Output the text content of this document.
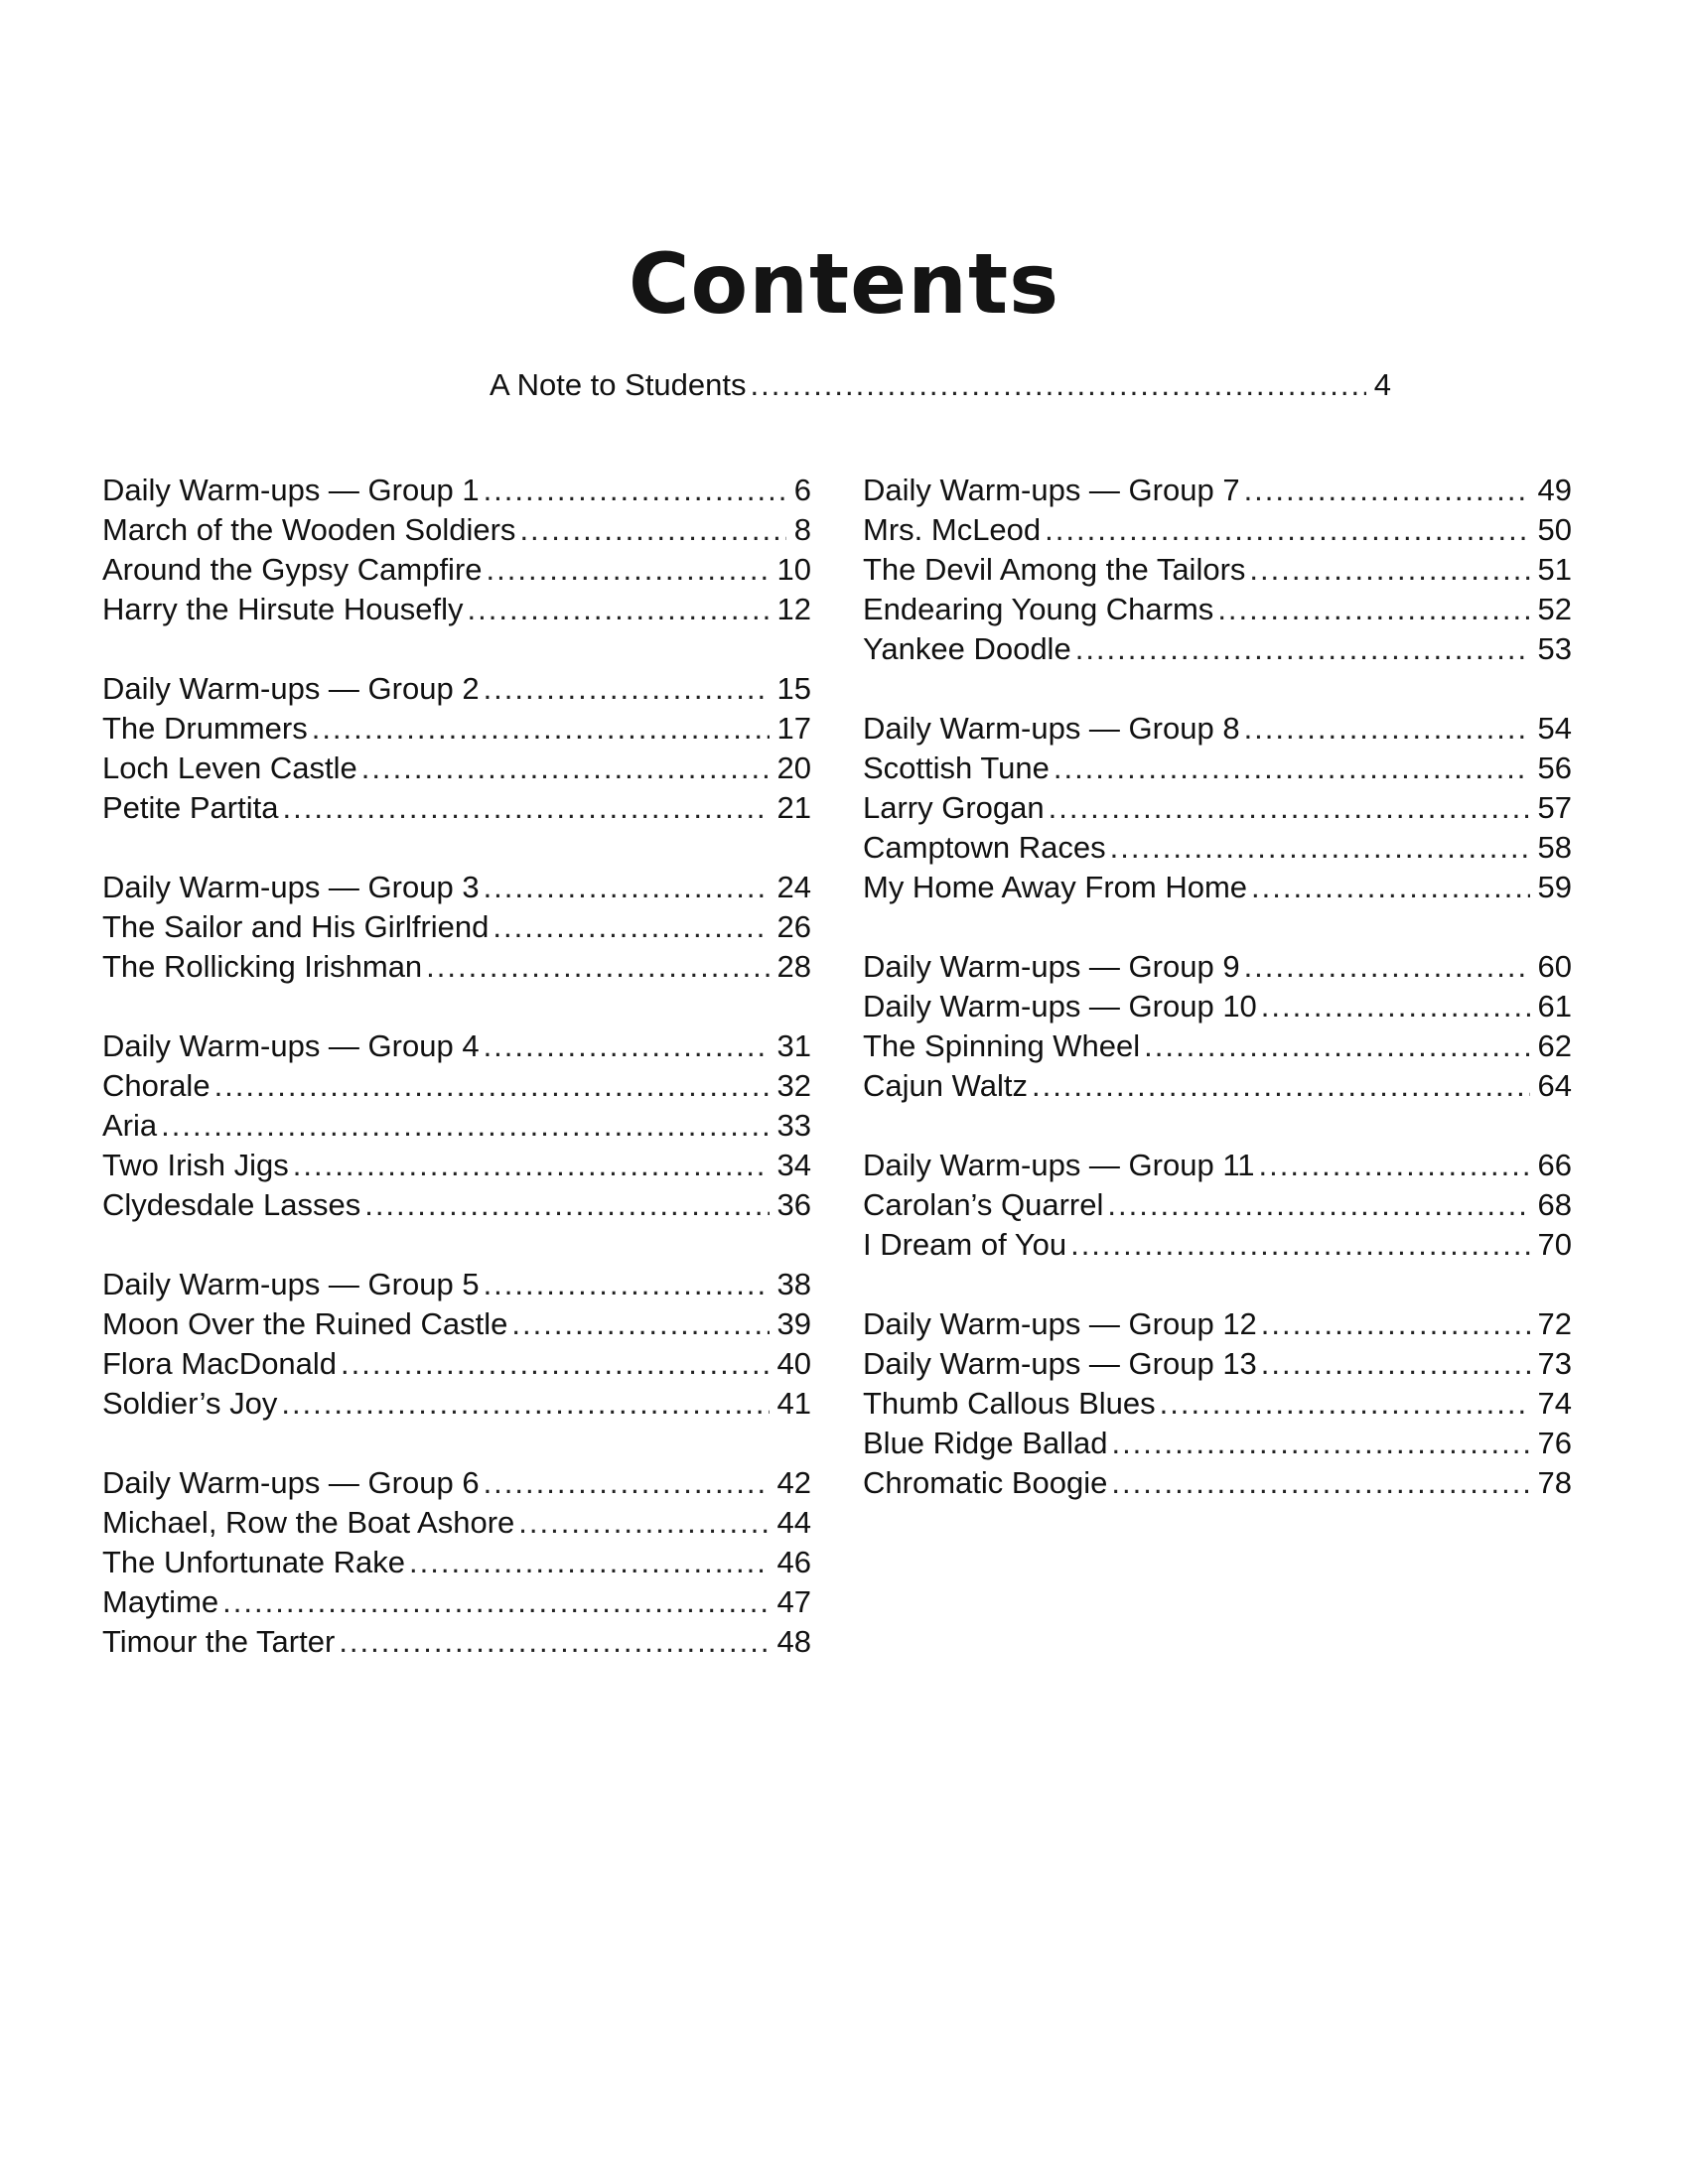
Contents
A Note to Students .....	4
Daily Warm-ups — Group 1 .....	6
March of the Wooden Soldiers .....	8
Around the Gypsy Campfire .....	10
Harry the Hirsute Housefly .....	12
Daily Warm-ups — Group 2 .....	15
The Drummers .....	17
Loch Leven Castle .....	20
Petite Partita .....	21
Daily Warm-ups — Group 3 .....	24
The Sailor and His Girlfriend .....	26
The Rollicking Irishman .....	28
Daily Warm-ups — Group 4 .....	31
Chorale .....	32
Aria .....	33
Two Irish Jigs .....	34
Clydesdale Lasses .....	36
Daily Warm-ups — Group 5 .....	38
Moon Over the Ruined Castle .....	39
Flora MacDonald .....	40
Soldier’s Joy .....	41
Daily Warm-ups — Group 6 .....	42
Michael, Row the Boat Ashore .....	44
The Unfortunate Rake .....	46
Maytime .....	47
Timour the Tarter .....	48
Daily Warm-ups — Group 7 .....	49
Mrs. McLeod .....	50
The Devil Among the Tailors .....	51
Endearing Young Charms .....	52
Yankee Doodle .....	53
Daily Warm-ups — Group 8 .....	54
Scottish Tune .....	56
Larry Grogan .....	57
Camptown Races .....	58
My Home Away From Home .....	59
Daily Warm-ups — Group 9 .....	60
Daily Warm-ups — Group 10 .....	61
The Spinning Wheel .....	62
Cajun Waltz .....	64
Daily Warm-ups — Group 11 .....	66
Carolan’s Quarrel .....	68
I Dream of You .....	70
Daily Warm-ups — Group 12 .....	72
Daily Warm-ups — Group 13 .....	73
Thumb Callous Blues .....	74
Blue Ridge Ballad .....	76
Chromatic Boogie .....	78
